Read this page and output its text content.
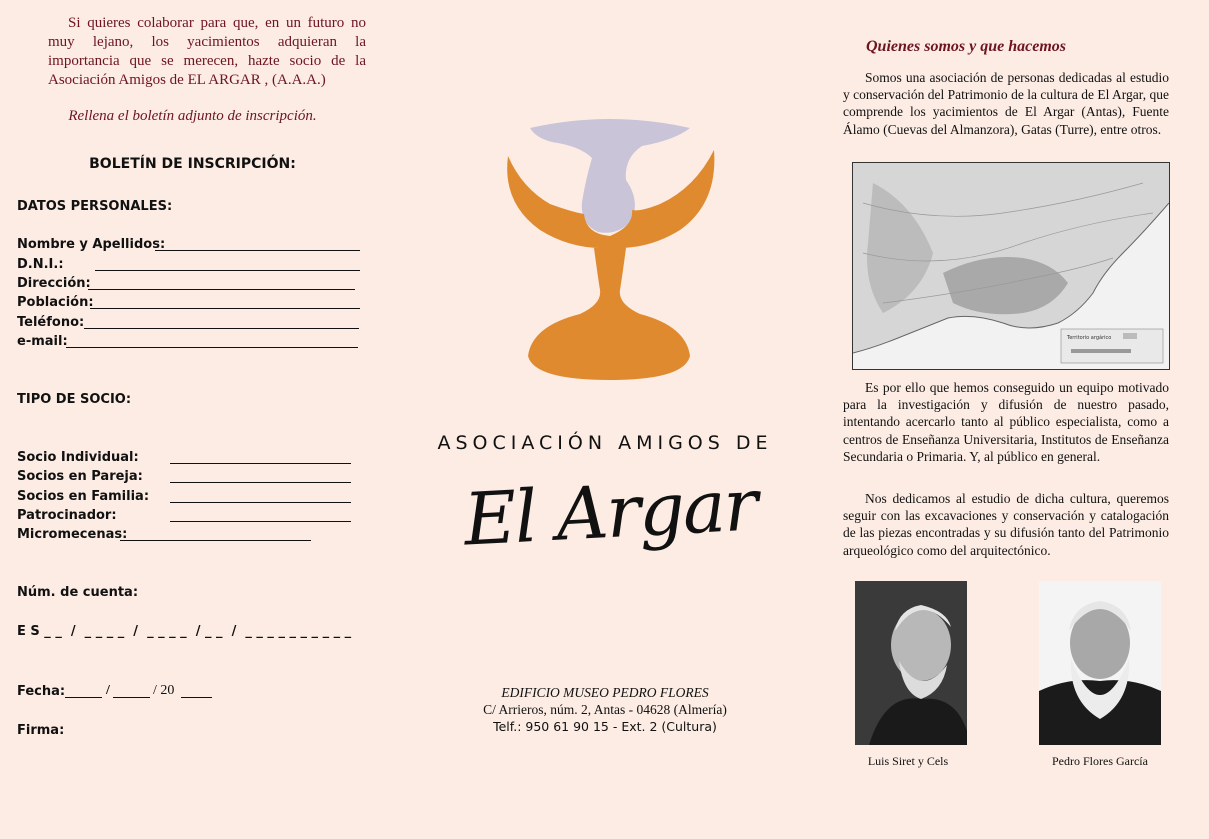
Si quieres colaborar para que, en un futuro no muy lejano, los yacimientos adquieran la importancia que se merecen, hazte socio de la Asociación Amigos de EL ARGAR , (A.A.A.)

Rellena el boletín adjunto de inscripción.
BOLETÍN DE INSCRIPCIÓN:
DATOS PERSONALES:
Nombre y Apellidos:
D.N.I.:
Dirección:
Población:
Teléfono:
e-mail:
TIPO DE SOCIO:
Socio Individual:
Socios en Pareja:
Socios en Familia:
Patrocinador:
Micromecenas:
Núm. de cuenta:
E S _ _  /  _ _ _ _  /  _ _ _ _  / _ _  /  _ _ _ _ _ _ _ _ _ _
Fecha:	/	/ 20
Firma:
ASOCIACIÓN AMIGOS DE
El Argar
EDIFICIO MUSEO PEDRO FLORES
C/ Arrieros, núm. 2, Antas - 04628 (Almería)
Telf.: 950 61 90 15 - Ext. 2 (Cultura)
Quienes somos y que hacemos

Somos una asociación de personas dedicadas al estudio y conservación del Patrimonio de la cultura de El Argar, que comprende los yacimientos de El Argar (Antas), Fuente Álamo (Cuevas del Almanzora), Gatas (Turre), entre otros.

Territorio argárico

Es por ello que hemos conseguido un equipo motivado para la investigación y difusión de nuestro pasado, intentando acercarlo tanto al público especialista, como a centros de Enseñanza Universitaria, Institutos de Enseñanza Secundaria o Primaria. Y, al público en general.

Nos dedicamos al estudio de dicha cultura, queremos seguir con las excavaciones y conservación y catalogación de las piezas encontradas y su difusión tanto del Patrimonio arqueológico como del arquitectónico.

Luis Siret y Cels	Pedro Flores García
